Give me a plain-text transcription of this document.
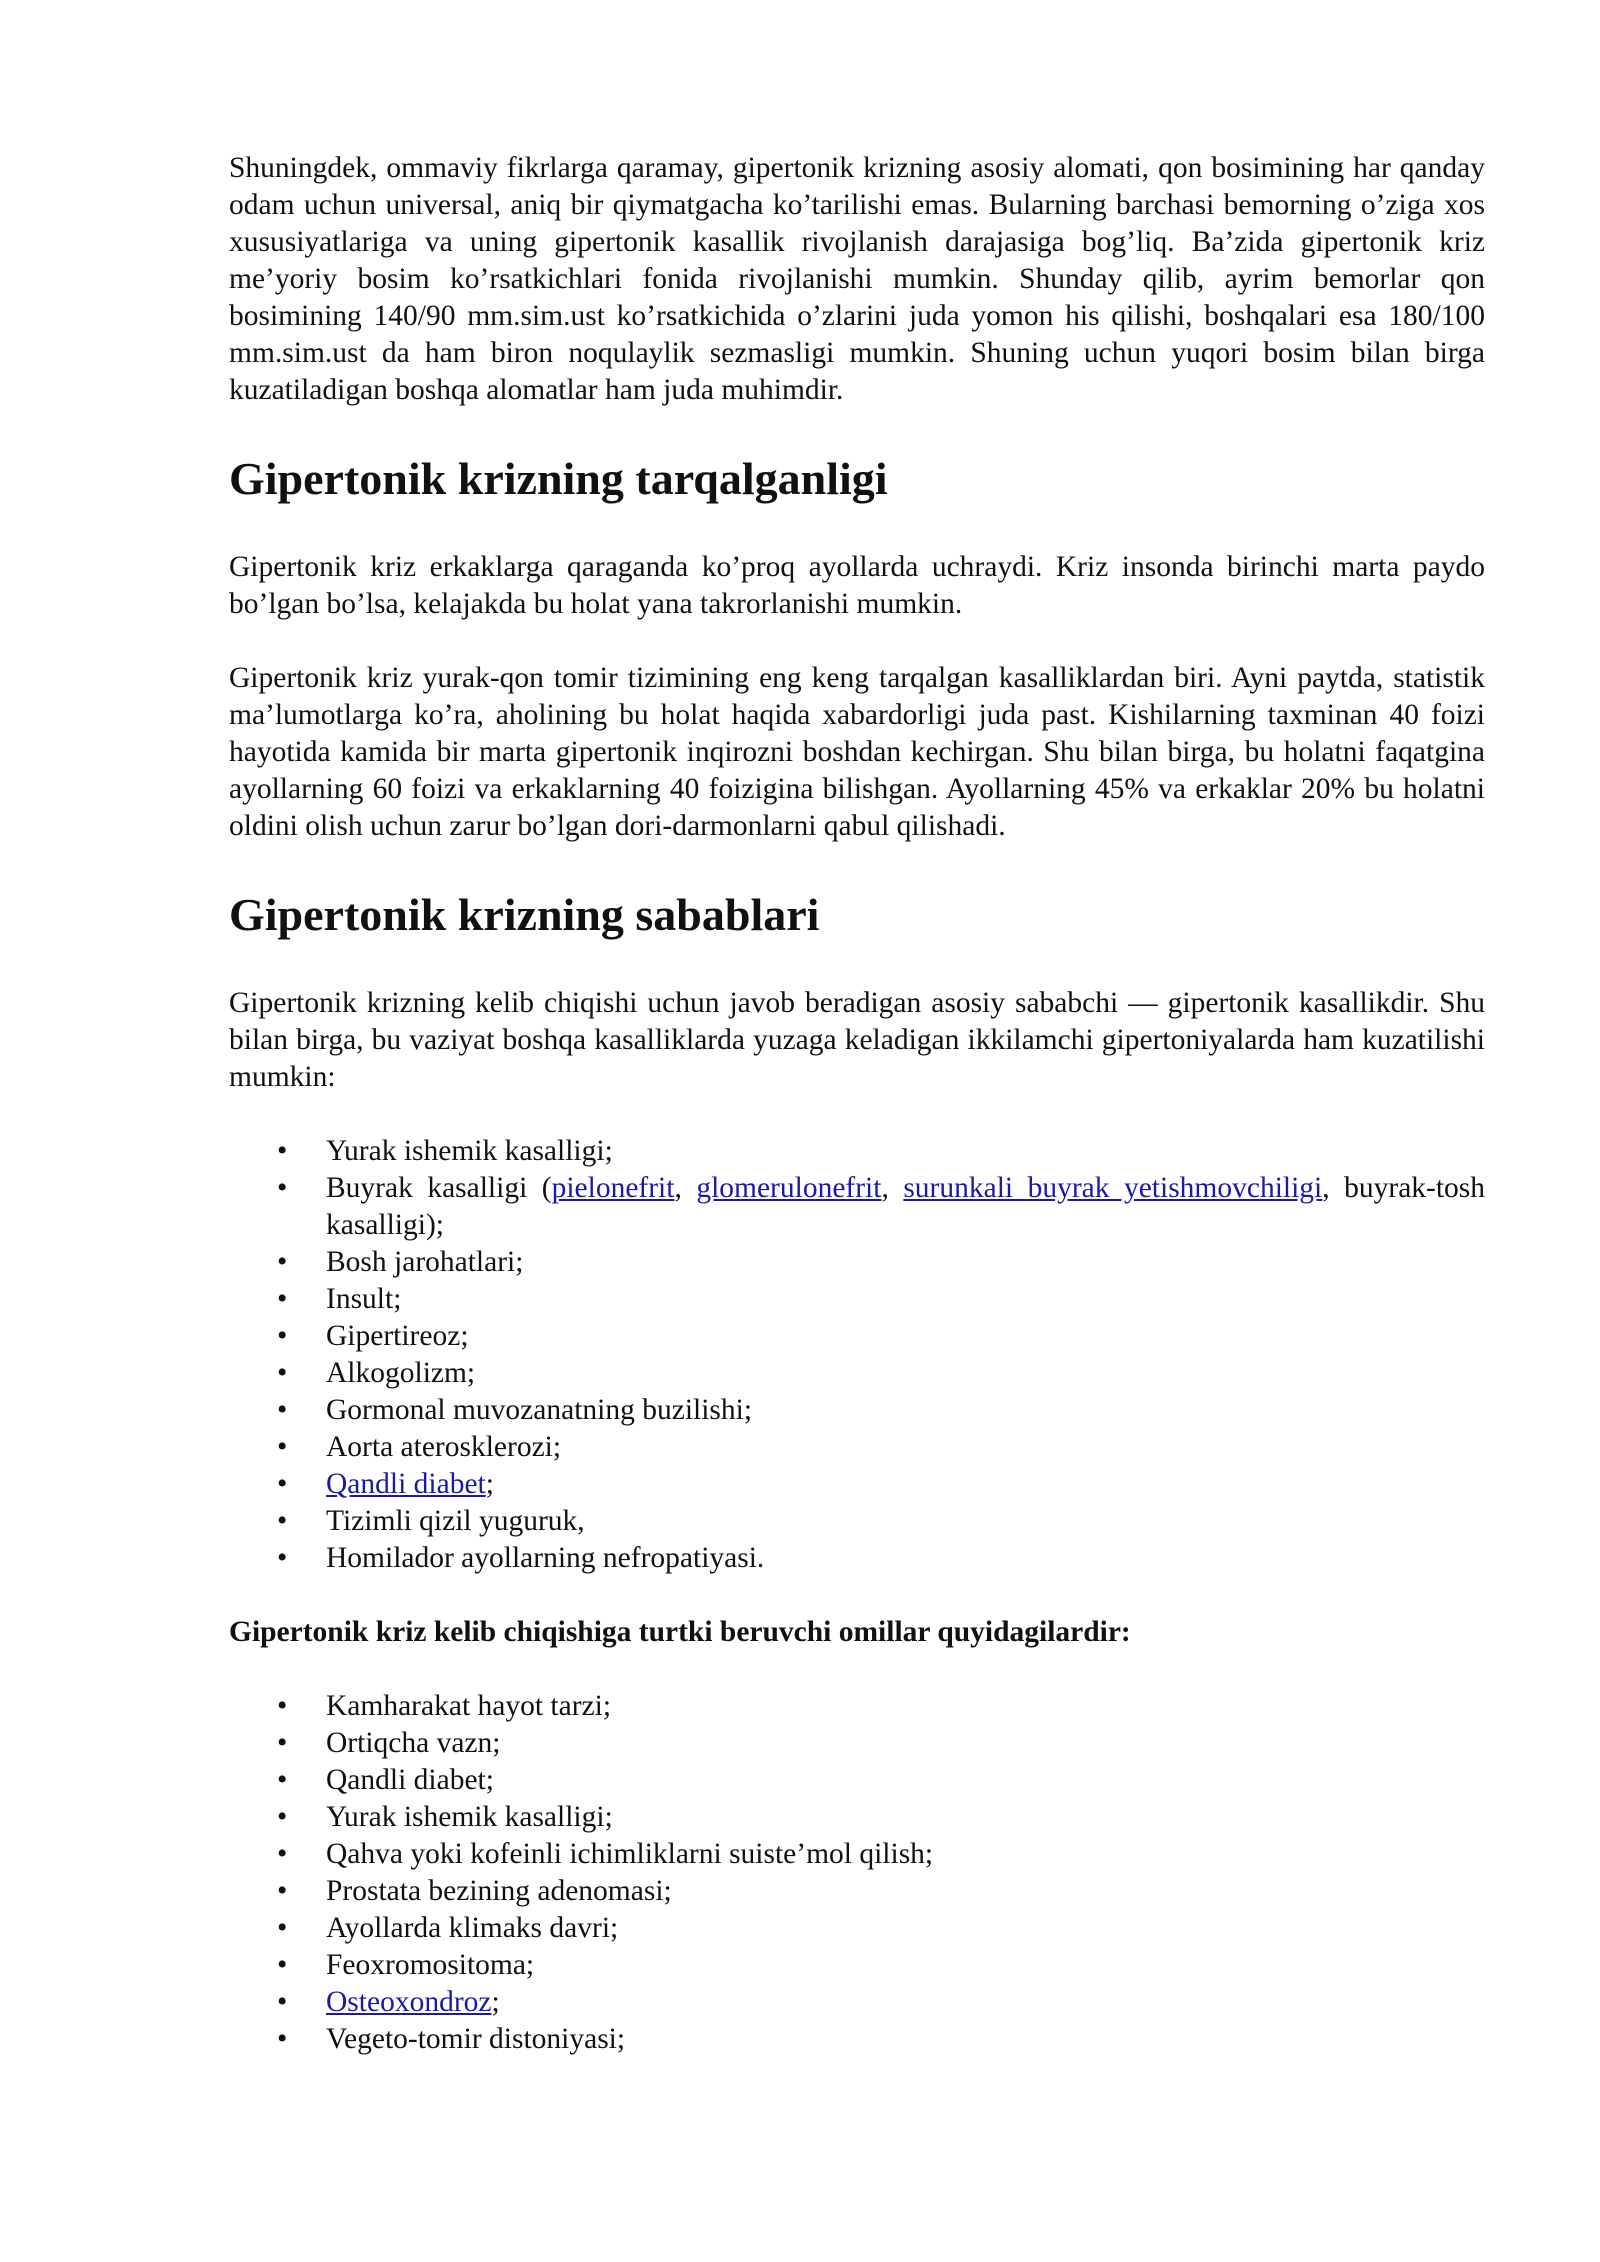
Shuningdek, ommaviy fikrlarga qaramay, gipertonik krizning asosiy alomati, qon bosimining har qanday odam uchun universal, aniq bir qiymatgacha ko’tarilishi emas. Bularning barchasi bemorning o’ziga xos xususiyatlariga va uning gipertonik kasallik rivojlanish darajasiga bog’liq. Ba’zida gipertonik kriz me’yoriy bosim ko’rsatkichlari fonida rivojlanishi mumkin. Shunday qilib, ayrim bemorlar qon bosimining 140/90 mm.sim.ust ko’rsatkichida o’zlarini juda yomon his qilishi, boshqalari esa 180/100 mm.sim.ust da ham biron noqulaylik sezmasligi mumkin. Shuning uchun yuqori bosim bilan birga kuzatiladigan boshqa alomatlar ham juda muhimdir.

Gipertonik krizning tarqalganligi

Gipertonik kriz erkaklarga qaraganda ko’proq ayollarda uchraydi. Kriz insonda birinchi marta paydo bo’lgan bo’lsa, kelajakda bu holat yana takrorlanishi mumkin.

Gipertonik kriz yurak-qon tomir tizimining eng keng tarqalgan kasalliklardan biri. Ayni paytda, statistik ma’lumotlarga ko’ra, aholining bu holat haqida xabardorligi juda past. Kishilarning taxminan 40 foizi hayotida kamida bir marta gipertonik inqirozni boshdan kechirgan. Shu bilan birga, bu holatni faqatgina ayollarning 60 foizi va erkaklarning 40 foizigina bilishgan. Ayollarning 45% va erkaklar 20% bu holatni oldini olish uchun zarur bo’lgan dori-darmonlarni qabul qilishadi.

Gipertonik krizning sabablari

Gipertonik krizning kelib chiqishi uchun javob beradigan asosiy sababchi — gipertonik kasallikdir. Shu bilan birga, bu vaziyat boshqa kasalliklarda yuzaga keladigan ikkilamchi gipertoniyalarda ham kuzatilishi mumkin:

• Yurak ishemik kasalligi;
• Buyrak kasalligi (pielonefrit, glomerulonefrit, surunkali buyrak yetishmovchiligi, buyrak-tosh kasalligi);
• Bosh jarohatlari;
• Insult;
• Gipertireoz;
• Alkogolizm;
• Gormonal muvozanatning buzilishi;
• Aorta aterosklerozi;
• Qandli diabet;
• Tizimli qizil yuguruk,
• Homilador ayollarning nefropatiyasi.
Gipertonik kriz kelib chiqishiga turtki beruvchi omillar quyidagilardir:
• Kamharakat hayot tarzi;
• Ortiqcha vazn;
• Qandli diabet;
• Yurak ishemik kasalligi;
• Qahva yoki kofeinli ichimliklarni suiste’mol qilish;
• Prostata bezining adenomasi;
• Ayollarda klimaks davri;
• Feoxromositoma;
• Osteoxondroz;
• Vegeto-tomir distoniyasi;
